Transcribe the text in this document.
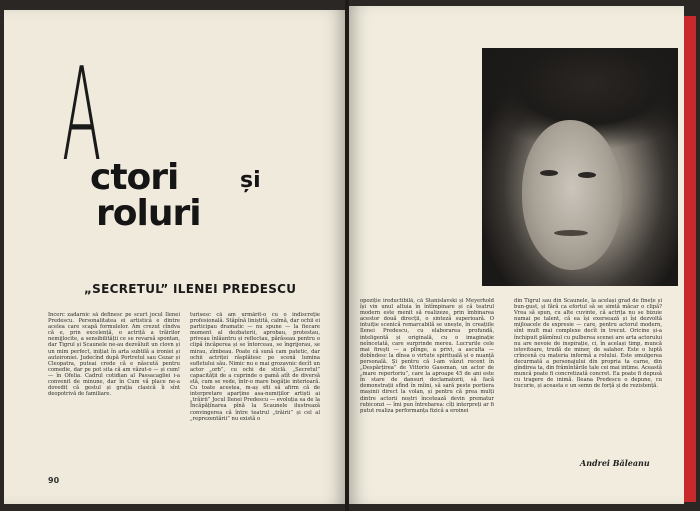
A
ctori	și
roluri
„SECRETUL” ILENEI PREDESCU
Incerc zadarnic să definesc pe scurt jocul Ilenei Predescu. Personalitatea ei artistică e dintre acelea care scapă formulelor. Am crezut cîndva că e, prin excelență, o actriță a trăirilor nemijlocite, a sensibilității ce se revarsă spontan, dar Tigrul și Scaunele ne-au dezvăluit un clovn și un mim perfect, inițiat în arta subtilă a ironiei și autoironiei. Judecînd după Portretul sau Cezar și Cleopatra, puteai crede că e născută pentru comedie, dar pe pot sita că am văzut-o — și cum! — în Ofelia. Cadrul cotidian al Passacagliei i-a convenit de minune, dar în Cum vă place ne-a dovedit că gestul și grația clasică îi sînt deopotrivă de familiare.
turisesc că am urmărit-o cu o indiscreție profesională. Stăpînă liniștită, calmă, dar ochii ei participau dramatic — nu spune — la fiecare moment al dezbaterii, aprobau, protestau, priveau înlăuntru și reflectau, părăseau pentru o clipă încăperea și se întorceau, se îngrijorau, se mirau, zîmbeau. Poate că sună cam patetic, dar ochii actriței răsplătesc pe scenă lumina sufletului său. Nimic nu e mai grozavnic decît un actor „orb”, cu ochi de sticlă. „Secretul” capacității de a cuprinde o gamă atît de diversă stă, cum se vede, într-o mare bogăție interioară. Cu toate acestea, m-aș sfii să afirm că de interpretare aparține asa-numiților artiști ai „trăirii” Jocul Ilenei Predescu — evoluția sa de la Încăpățînarea pînă la Scaunele ilustrează convingerea că între teatrul „trăirii” și cel al „reprezentării” nu există o
opoziție ireductibilă, că Stanislavski și Meyerhold își vin unul altuia în întîmpinare și că teatrul modern este menit să realizeze, prin îmbinarea acestor două direcții, o sinteză superioară. O intuiție scenică remarcabilă se unește, în creațiile Ilenei Predescu, cu elaborarea profundă, inteligentă și originală, cu o imaginație neîncetată, care surprinde mereu. Lucrurile cele mai fireşti — a plînge, a privi, a asculta — dobîndesc la dînsa o virtute spirituală și o nuanță personală. Și pentru că l-am văzut recent în „Despărțirea” de Vittorio Gassman, un actor de „mare repertoriu”, care la aproape 45 de ani este în stare de dansuri declamatorii, să facă demonstrații sfînd în mîini, să sară peste portiera mașinii direct la volan, și pentru că prea mulți dintre actorii noștri încetează devin prematur rubiconzi — îmi pun întrebarea: cîți interpreți ar fi putut realiza performanța fizică a eroinei
din Tigrul sau din Scaunele, la același grad de finețe și bun-gust, și fără ca efortul să se simtă măcar o clipă? Vrea să spun, cu alte cuvinte, că actrița nu se bizuie numai pe talent, că ea își exersează și își dezvoltă mijloacele de expresie — care, pentru actorul modern, sînt mult mai complexe decît în trecut. Oricine și-a închipuit plămînul cu pulberea scenei are arta actorului nu are nevoie de inspirație, ci, în același timp, muncă istovitoare, trudă de miner, de salahor. Este o luptă crîncenă cu materia informă a rolului. Este smulgerea decurmată a personajului din propria ta carne, din gîndirea ta, din frămîntările tale cei mai intime. Această muncă poate fi concretizată concret. Ea poate fi depusă cu tragere de inimă. Ileana Predescu o depune, cu bucurie, și aceasta e un semn de forță și de rezistență.
90
Andrei Băleanu
